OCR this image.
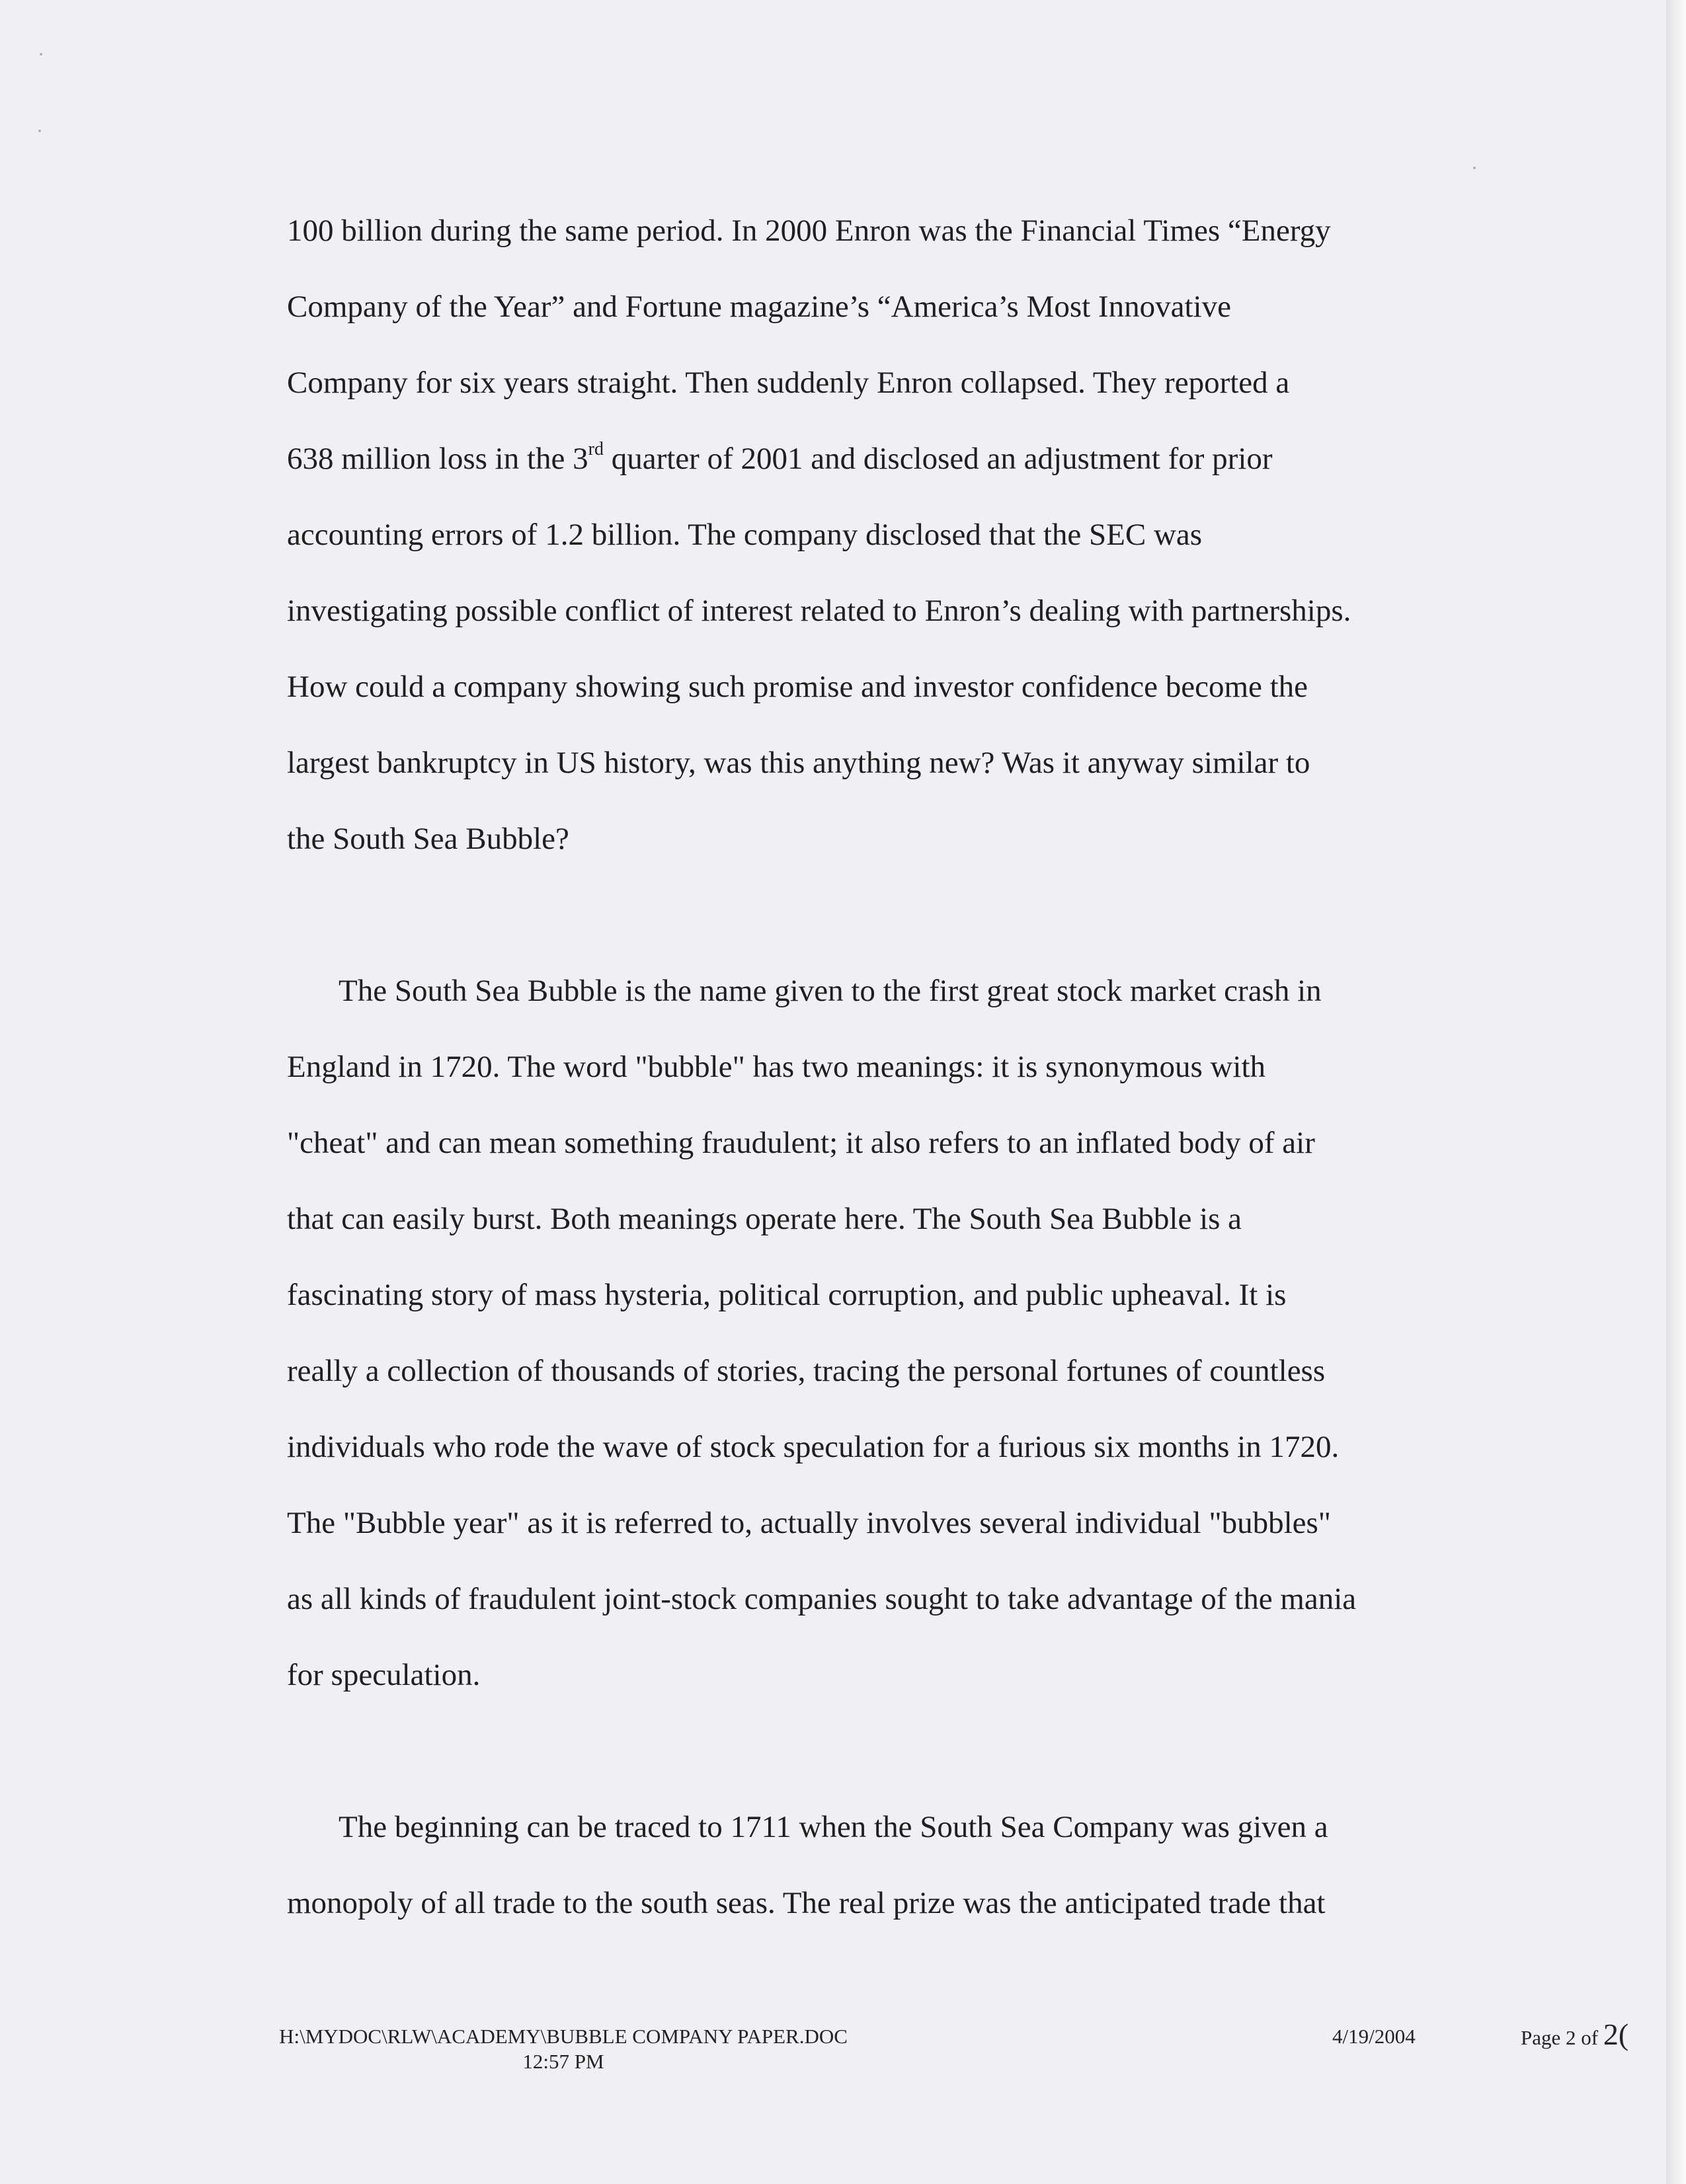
100 billion during the same period. In 2000 Enron was the Financial Times “Energy
Company of the Year” and Fortune magazine’s “America’s Most Innovative
Company for six years straight. Then suddenly Enron collapsed. They reported a
638 million loss in the 3rd quarter of 2001 and disclosed an adjustment for prior
accounting errors of 1.2 billion. The company disclosed that the SEC was
investigating possible conflict of interest related to Enron’s dealing with partnerships.
How could a company showing such promise and investor confidence become the
largest bankruptcy in US history, was this anything new? Was it anyway similar to
the South Sea Bubble?
The South Sea Bubble is the name given to the first great stock market crash in
England in 1720. The word "bubble" has two meanings: it is synonymous with
"cheat" and can mean something fraudulent; it also refers to an inflated body of air
that can easily burst. Both meanings operate here. The South Sea Bubble is a
fascinating story of mass hysteria, political corruption, and public upheaval. It is
really a collection of thousands of stories, tracing the personal fortunes of countless
individuals who rode the wave of stock speculation for a furious six months in 1720.
The "Bubble year" as it is referred to, actually involves several individual "bubbles"
as all kinds of fraudulent joint-stock companies sought to take advantage of the mania
for speculation.
The beginning can be traced to 1711 when the South Sea Company was given a
monopoly of all trade to the south seas. The real prize was the anticipated trade that
H:\MYDOC\RLW\ACADEMY\BUBBLE COMPANY PAPER.DOC
12:57 PM
4/19/2004	Page 2 of 2(
